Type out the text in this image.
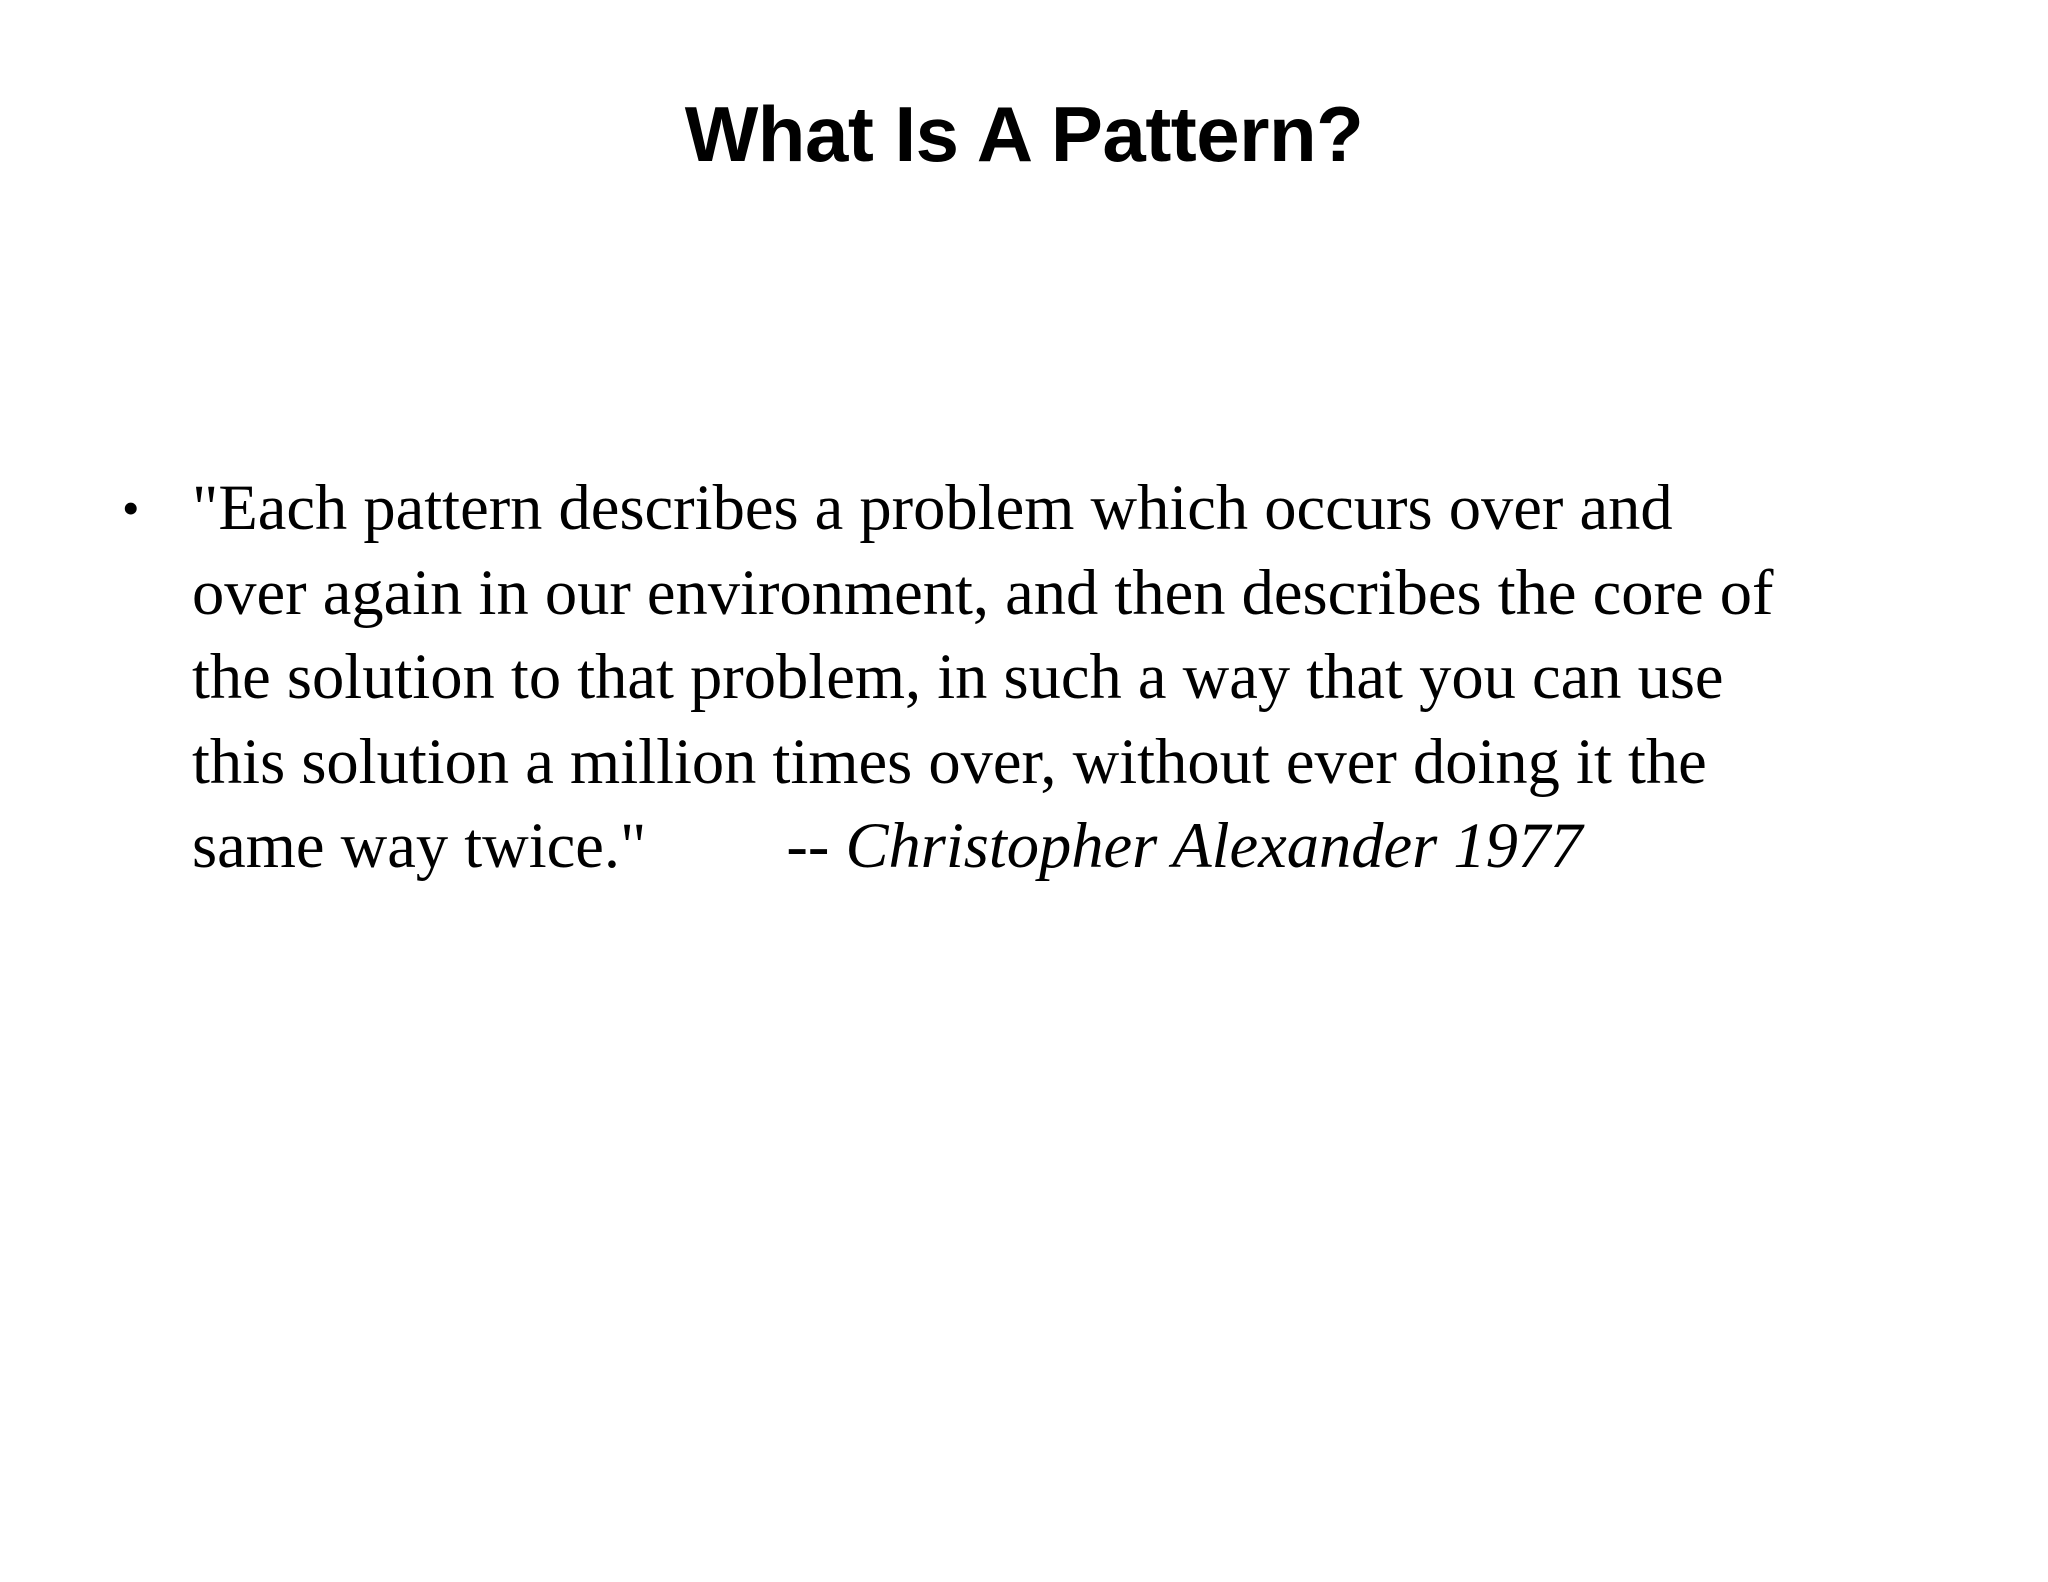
What Is A Pattern?
• "Each pattern describes a problem which occurs over and
over again in our environment, and then describes the core of
the solution to that problem, in such a way that you can use
this solution a million times over, without ever doing it the
same way twice." -- Christopher Alexander 1977
